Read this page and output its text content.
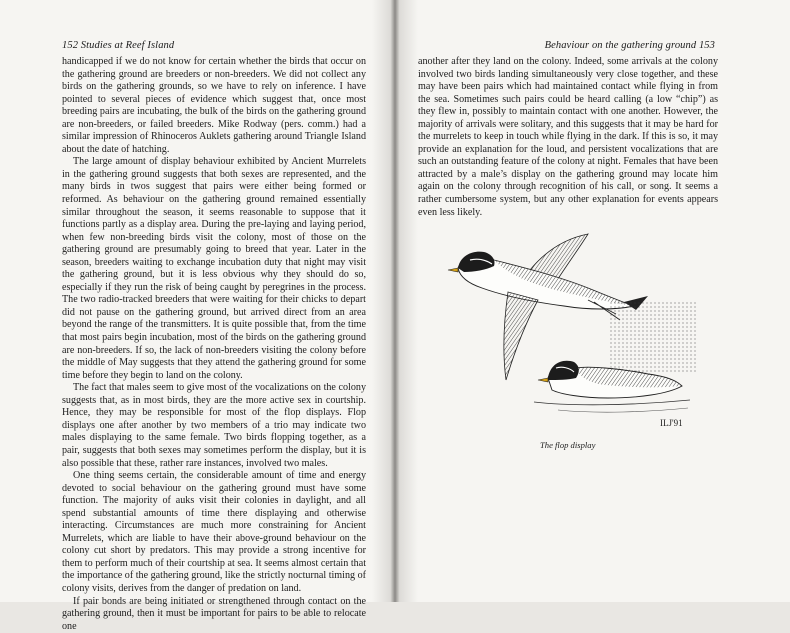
152 Studies at Reef Island

handicapped if we do not know for certain whether the birds that occur on the gathering ground are breeders or non-breeders. We did not collect any birds on the gathering grounds, so we have to rely on inference. I have pointed to several pieces of evidence which suggest that, once most breeding pairs are incubating, the bulk of the birds on the gathering ground are non-breeders, or failed breeders. Mike Rodway (pers. comm.) had a similar impression of Rhinoceros Auklets gathering around Triangle Island about the date of hatching.

The large amount of display behaviour exhibited by Ancient Murrelets in the gathering ground suggests that both sexes are represented, and the many birds in twos suggest that pairs were either being formed or reformed. As behaviour on the gathering ground remained essentially similar throughout the season, it seems reasonable to suppose that it functions partly as a display area. During the pre-laying and laying period, when few non-breeding birds visit the colony, most of those on the gathering ground are presumably going to breed that year. Later in the season, breeders waiting to exchange incubation duty that night may visit the gathering ground, but it is less obvious why they should do so, especially if they run the risk of being caught by peregrines in the process. The two radio-tracked breeders that were waiting for their chicks to depart did not pause on the gathering ground, but arrived direct from an area beyond the range of the transmitters. It is quite possible that, from the time that most pairs begin incubation, most of the birds on the gathering ground are non-breeders. If so, the lack of non-breeders visiting the colony before the middle of May suggests that they attend the gathering ground for some time before they begin to land on the colony.

The fact that males seem to give most of the vocalizations on the colony suggests that, as in most birds, they are the more active sex in courtship. Hence, they may be responsible for most of the flop displays. Flop displays one after another by two members of a trio may indicate two males displaying to the same female. Two birds flopping together, as a pair, suggests that both sexes may sometimes perform the display, but it is also possible that these, rather rare instances, involved two males.

One thing seems certain, the considerable amount of time and energy devoted to social behaviour on the gathering ground must have some function. The majority of auks visit their colonies in daylight, and all spend substantial amounts of time there displaying and otherwise interacting. Circumstances are much more constraining for Ancient Murrelets, which are liable to have their above-ground behaviour on the colony cut short by predators. This may provide a strong incentive for them to perform much of their courtship at sea. It seems almost certain that the importance of the gathering ground, like the strictly nocturnal timing of colony visits, derives from the danger of predation on land.

If pair bonds are being initiated or strengthened through contact on the gathering ground, then it must be important for pairs to be able to relocate one

Behaviour on the gathering ground 153

another after they land on the colony. Indeed, some arrivals at the colony involved two birds landing simultaneously very close together, and these may have been pairs which had maintained contact while flying in from the sea. Sometimes such pairs could be heard calling (a low “chip”) as they flew in, possibly to maintain contact with one another. However, the majority of arrivals were solitary, and this suggests that it may be hard for the murrelets to keep in touch while flying in the dark. If this is so, it may provide an explanation for the loud, and persistent vocalizations that are such an outstanding feature of the colony at night. Females that have been attracted by a male’s display on the gathering ground may locate him again on the colony through recognition of his call, or song. It seems a rather cumbersome system, but any other explanation for events appears even less likely.

ILJ'91
The flop display
